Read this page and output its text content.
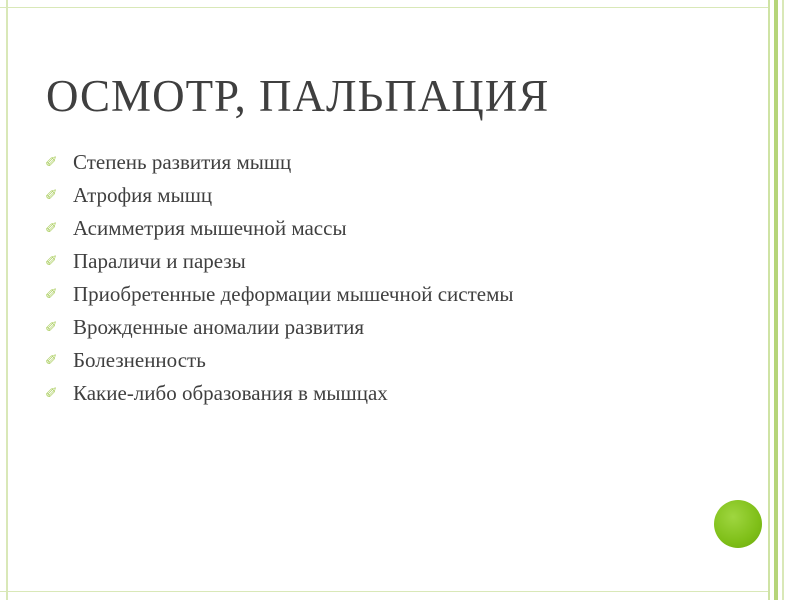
ОСМОТР, ПАЛЬПАЦИЯ
✐ Степень развития мышц
✐ Атрофия мышц
✐ Асимметрия мышечной массы
✐ Параличи и парезы
✐ Приобретенные деформации мышечной системы
✐ Врожденные аномалии развития
✐ Болезненность
✐ Какие-либо образования в мышцах
